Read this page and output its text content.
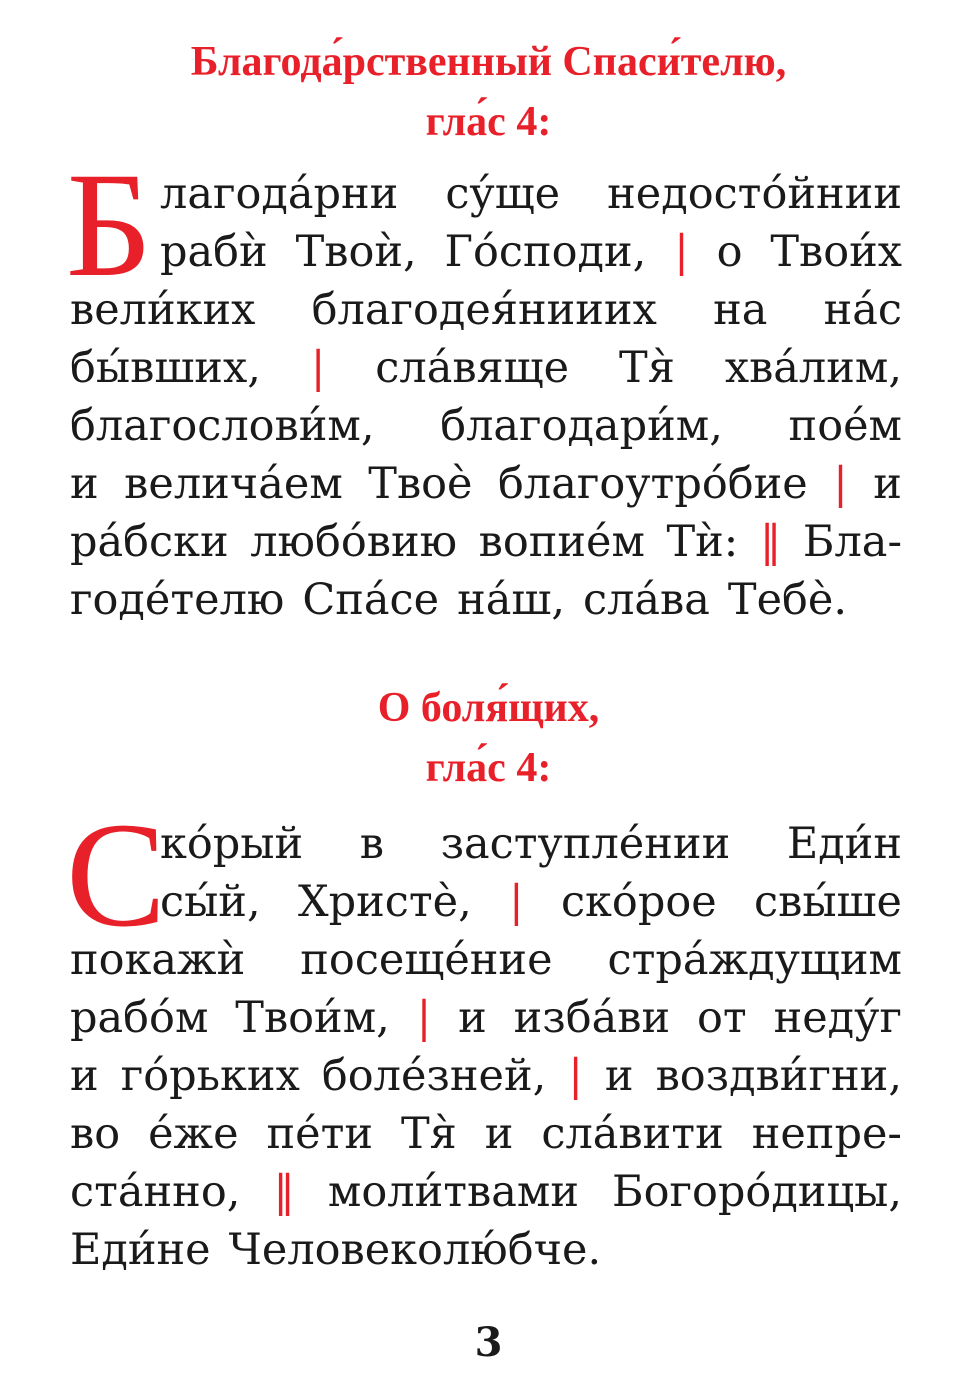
Благода́рственный Спаси́телю,
гла́с 4:
Б лагода́рни су́ще недосто́йнии
рабѝ Твоѝ, Го́споди, | о Твои́х
вели́ких благодея́нииих на на́с
бы́вших, | сла́вяще Тя̀ хва́лим,
благослови́м, благодари́м, пое́м
и велича́ем Твоѐ благоутро́бие | и
ра́бски любо́вию вопие́м Тѝ: ‖ Бла-
годе́телю Спа́се на́ш, сла́ва Тебѐ.
О боля́щих,
гла́с 4:
С
ко́рый в заступле́нии Еди́н
сы́й, Христѐ, | ско́рое свы́ше
покажѝ посеще́ние стра́ждущим
рабо́м Твои́м, | и изба́ви от неду́г
и го́рьких боле́зней, | и воздви́гни,
во е́же пе́ти Тя̀ и сла́вити непре-
ста́нно, ‖ моли́твами Богоро́дицы,
Еди́не Человеколю́бче.
3
